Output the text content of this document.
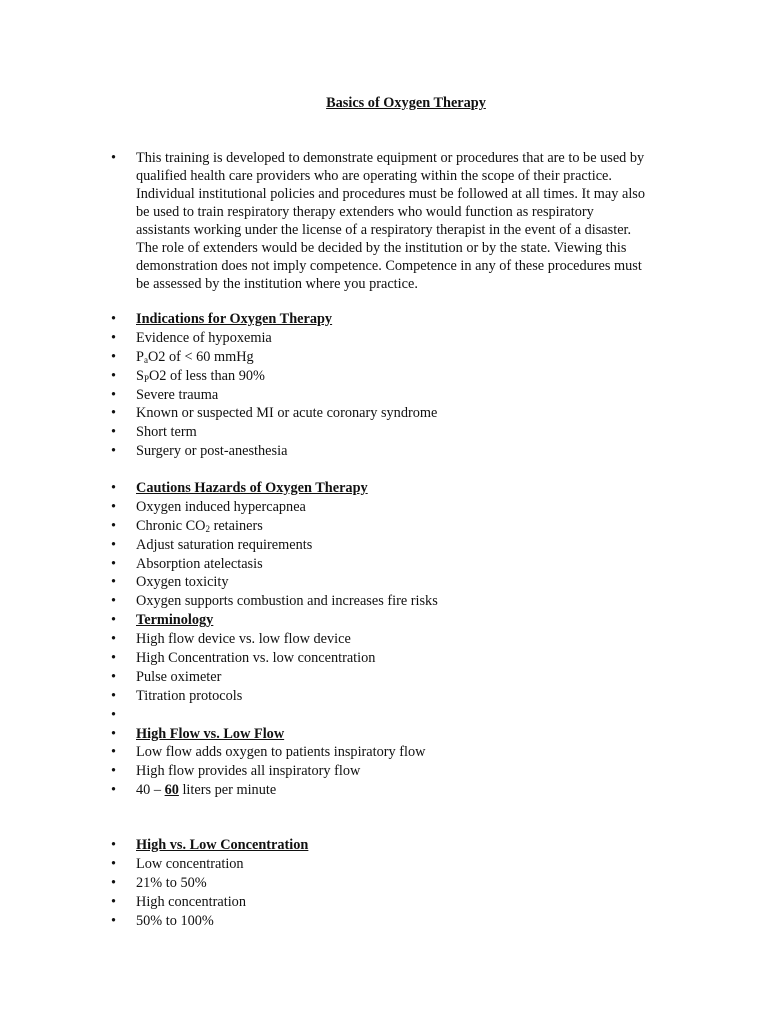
Basics of Oxygen Therapy
•	This training is developed to demonstrate equipment or procedures that are to be used by
qualified health care providers who are operating within the scope of their practice.
Individual institutional policies and procedures must be followed at all times. It may also
be used to train respiratory therapy extenders who would function as respiratory
assistants working under the license of a respiratory therapist in the event of a disaster.
The role of extenders would be decided by the institution or by the state. Viewing this
demonstration does not imply competence. Competence in any of these procedures must
be assessed by the institution where you practice.
•	Indications for Oxygen Therapy
•	Evidence of hypoxemia
•	$P_aO2$ of < 60 mmHg
•	$S_PO2$ of less than 90%
•	Severe trauma
•	Known or suspected MI or acute coronary syndrome
•	Short term
•	Surgery or post-anesthesia
•	Cautions Hazards of Oxygen Therapy
•	Oxygen induced hypercapnea
•	Chronic $CO_2$ retainers
•	Adjust saturation requirements
•	Absorption atelectasis
•	Oxygen toxicity
•	Oxygen supports combustion and increases fire risks
•	Terminology
•	High flow device vs. low flow device
•	High Concentration vs. low concentration
•	Pulse oximeter
•	Titration protocols
•
•	High Flow vs. Low Flow
•	Low flow adds oxygen to patients inspiratory flow
•	High flow provides all inspiratory flow
•	40 – 60 liters per minute
•	High vs. Low Concentration
•	Low concentration
•	21% to 50%
•	High concentration
•	50% to 100%
